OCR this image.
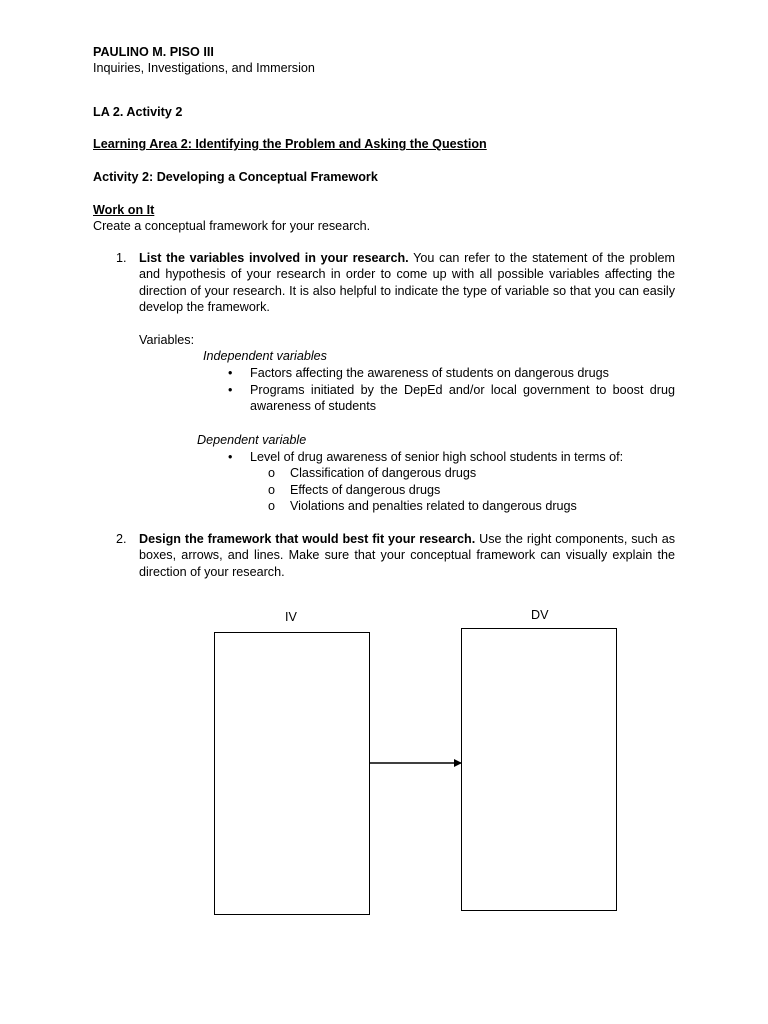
PAULINO M. PISO III
Inquiries, Investigations, and Immersion
LA 2. Activity 2
Learning Area 2: Identifying the Problem and Asking the Question
Activity 2: Developing a Conceptual Framework
Work on It
Create a conceptual framework for your research.
1. List the variables involved in your research. You can refer to the statement of the problem and hypothesis of your research in order to come up with all possible variables affecting the direction of your research. It is also helpful to indicate the type of variable so that you can easily develop the framework.

Variables:
Independent variables
• Factors affecting the awareness of students on dangerous drugs
• Programs initiated by the DepEd and/or local government to boost drug awareness of students
Dependent variable
• Level of drug awareness of senior high school students in terms of:
o Classification of dangerous drugs
o Effects of dangerous drugs
o Violations and penalties related to dangerous drugs
2. Design the framework that would best fit your research. Use the right components, such as boxes, arrows, and lines. Make sure that your conceptual framework can visually explain the direction of your research.

IV	DV
